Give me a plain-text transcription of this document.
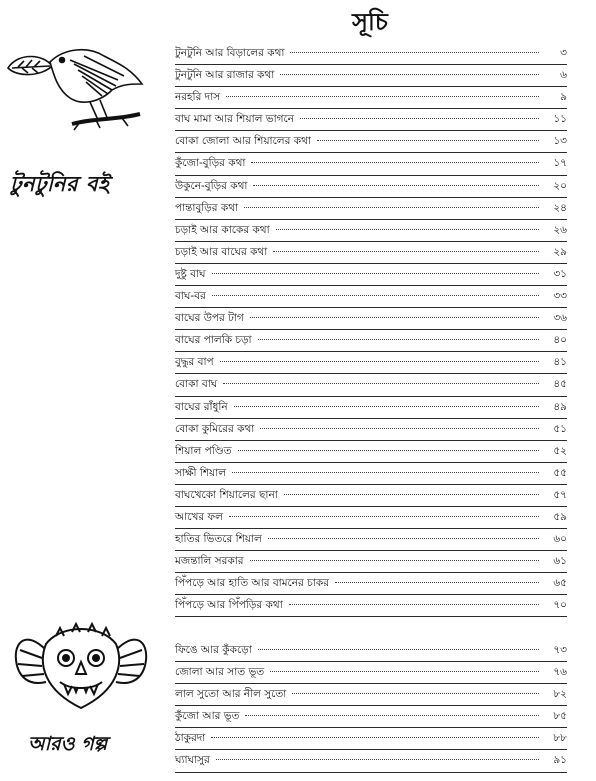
সূচি
টুনটুনির বই
আরও গল্প
টুনটুনি আর বিড়ালের কথা	৩
টুনটুনি আর রাজার কথা	৬
নরহরি দাস	৯
বাঘ মামা আর শিয়াল ভাগনে	১১
বোকা জোলা আর শিয়ালের কথা	১৩
কুঁজো-বুড়ির কথা	১৭
উকুনে-বুড়ির কথা	২০
পান্তাবুড়ির কথা	২৪
চড়াই আর কাকের কথা	২৬
চড়াই আর বাঘের কথা	২৯
দুষ্টু বাঘ	৩১
বাঘ-বর	৩৩
বাঘের উপর টাগ	৩৬
বাঘের পালকি চড়া	৪০
বুদ্ধুর বাপ	৪১
বোকা বাঘ	৪৫
বাঘের রাঁধুনি	৪৯
বোকা কুমিরের কথা	৫১
শিয়াল পণ্ডিত	৫২
সাক্ষী শিয়াল	৫৫
বাঘখেকো শিয়ালের ছানা	৫৭
আখের ফল	৫৯
হাতির ভিতরে শিয়াল	৬০
মজন্তালি সরকার	৬১
পিঁপড়ে আর হাতি আর বামনের চাকর	৬৫
পিঁপড়ে আর পিঁপড়ির কথা	৭০
ফিঙে আর কুঁকড়ো	৭৩
জোলা আর সাত ভূত	৭৬
লাল সুতো আর নীল সুতো	৮২
কুঁজো আর ভূত	৮৫
ঠাকুরদা	৮৮
ঘ্যাঘাসুর	৯১
